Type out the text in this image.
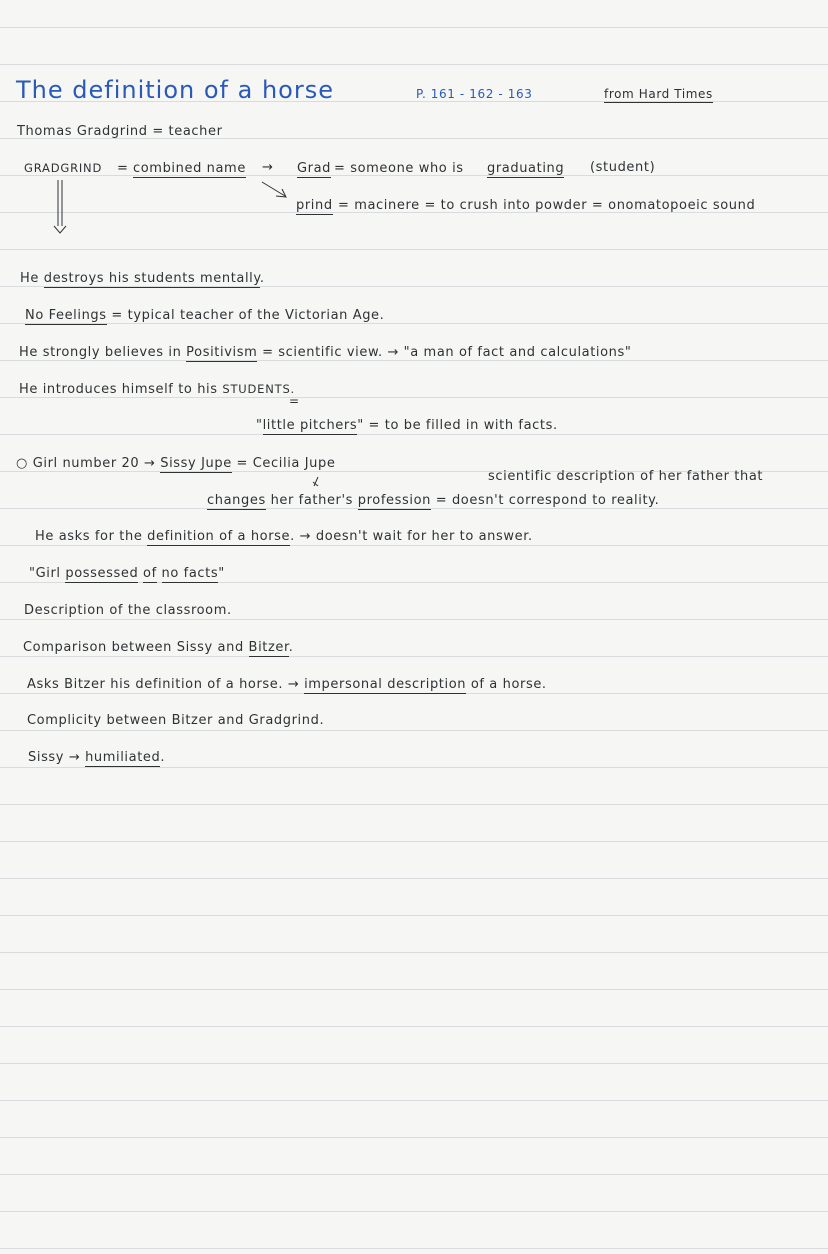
The definition of a horse	P. 161 - 162 - 163	from Hard Times
Thomas Gradgrind = teacher
GRADGRIND = combined name → Grad = someone who is graduating (student)
prind = macinere = to crush into powder = onomatopoeic sound
He destroys his students mentally.
No Feelings = typical teacher of the Victorian Age.
He strongly believes in Positivism = scientific view. → "a man of fact and calculations"
He introduces himself to his STUDENTS.
=
"little pitchers" = to be filled in with facts.
○ Girl number 20 → Sissy Jupe = Cecilia Jupe
scientific description of her father that
changes her father's profession = doesn't correspond to reality.
He asks for the definition of a horse. → doesn't wait for her to answer.
"Girl possessed of no facts"
Description of the classroom.
Comparison between Sissy and Bitzer.
Asks Bitzer his definition of a horse. → impersonal description of a horse.
Complicity between Bitzer and Gradgrind.
Sissy → humiliated.
